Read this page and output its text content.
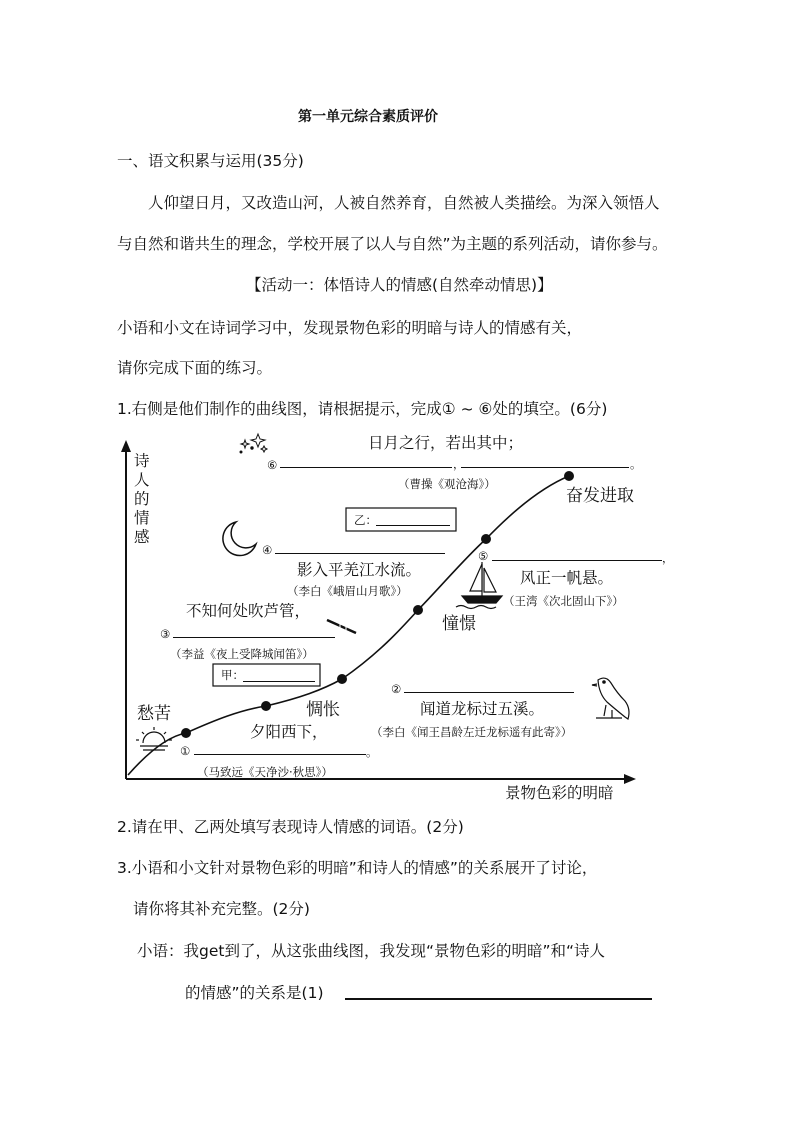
第一单元综合素质评价
一、语文积累与运用(35分)
人仰望日月，又改造山河，人被自然养育，自然被人类描绘。为深入领悟人
与自然和谐共生的理念，学校开展了以人与自然”为主题的系列活动，请你参与。
【活动一：体悟诗人的情感(自然牵动情思)】
小语和小文在诗词学习中，发现景物色彩的明暗与诗人的情感有关，
请你完成下面的练习。
1.右侧是他们制作的曲线图，请根据提示，完成① ~ ⑥处的填空。(6分)
诗
人
的
情
感
景物色彩的明暗
愁苦	惆怅
憧憬
奋发进取
乙：
甲：
日月之行，若出其中；
⑥	，	。
（曹操《观沧海》）
④
影入平羌江水流。
（李白《峨眉山月歌》）
⑤	，
风正一帆悬。
（王湾《次北固山下》）
不知何处吹芦管，
③
（李益《夜上受降城闻笛》）
②
闻道龙标过五溪。
（李白《闻王昌龄左迁龙标遥有此寄》）
夕阳西下，
①	。
（马致远《天净沙·秋思》）
2.请在甲、乙两处填写表现诗人情感的词语。(2分)
3.小语和小文针对景物色彩的明暗”和诗人的情感”的关系展开了讨论，
请你将其补充完整。(2分)
小语：我get到了，从这张曲线图，我发现“景物色彩的明暗”和“诗人
的情感”的关系是(1)
